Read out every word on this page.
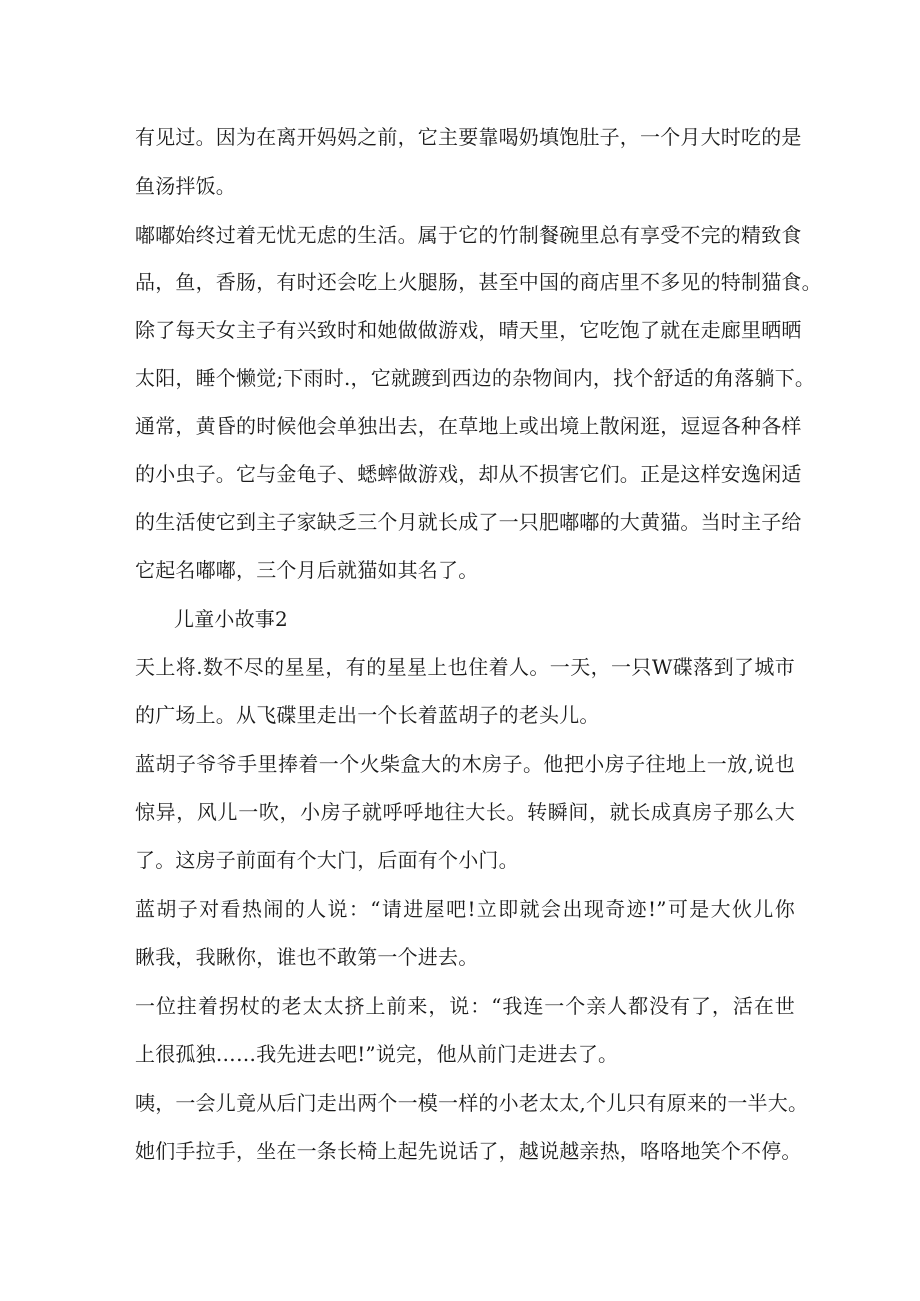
有见过。因为在离开妈妈之前，它主要靠喝奶填饱肚子，一个月大时吃的是
鱼汤拌饭。
嘟嘟始终过着无忧无虑的生活。属于它的竹制餐碗里总有享受不完的精致食
品，鱼，香肠，有时还会吃上火腿肠，甚至中国的商店里不多见的特制猫食。
除了每天女主子有兴致时和她做做游戏，晴天里，它吃饱了就在走廊里晒晒
太阳，睡个懒觉;下雨时.，它就踱到西边的杂物间内，找个舒适的角落躺下。
通常，黄昏的时候他会单独出去，在草地上或出境上散闲逛，逗逗各种各样
的小虫子。它与金龟子、蟋蟀做游戏，却从不损害它们。正是这样安逸闲适
的生活使它到主子家缺乏三个月就长成了一只肥嘟嘟的大黄猫。当时主子给
它起名嘟嘟，三个月后就猫如其名了。
儿童小故事2
天上将.数不尽的星星，有的星星上也住着人。一天，一只W碟落到了城市
的广场上。从飞碟里走出一个长着蓝胡子的老头儿。
蓝胡子爷爷手里捧着一个火柴盒大的木房子。他把小房子往地上一放,说也
惊异，风儿一吹，小房子就呼呼地往大长。转瞬间，就长成真房子那么大
了。这房子前面有个大门，后面有个小门。
蓝胡子对看热闹的人说：“请进屋吧!立即就会出现奇迹!”可是大伙儿你
瞅我，我瞅你，谁也不敢第一个进去。
一位拄着拐杖的老太太挤上前来，说：“我连一个亲人都没有了，活在世
上很孤独……我先进去吧!”说完，他从前门走进去了。
咦，一会儿竟从后门走出两个一模一样的小老太太,个儿只有原来的一半大。
她们手拉手，坐在一条长椅上起先说话了，越说越亲热，咯咯地笑个不停。
